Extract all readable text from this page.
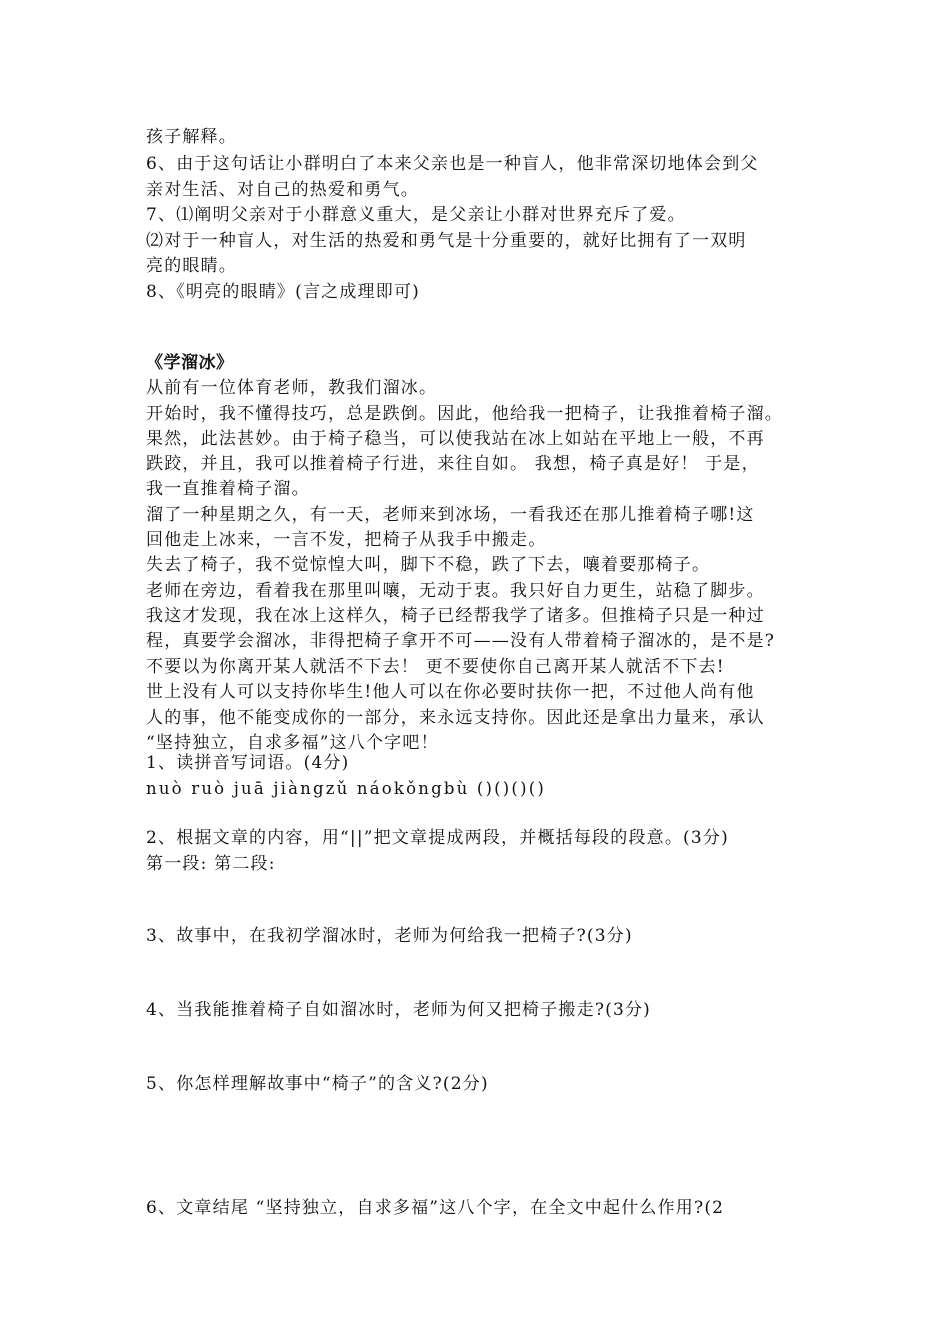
孩子解释。
6、由于这句话让小群明白了本来父亲也是一种盲人，他非常深切地体会到父
亲对生活、对自己的热爱和勇气。
7、⑴阐明父亲对于小群意义重大，是父亲让小群对世界充斥了爱。
⑵对于一种盲人，对生活的热爱和勇气是十分重要的，就好比拥有了一双明
亮的眼睛。
8、《明亮的眼睛》(言之成理即可)
《学溜冰》
从前有一位体育老师，教我们溜冰。
开始时，我不懂得技巧，总是跌倒。因此，他给我一把椅子，让我推着椅子溜。
果然，此法甚妙。由于椅子稳当，可以使我站在冰上如站在平地上一般，不再
跌跤，并且，我可以推着椅子行进，来往自如。 我想，椅子真是好！ 于是，
我一直推着椅子溜。
溜了一种星期之久，有一天，老师来到冰场，一看我还在那儿推着椅子哪!这
回他走上冰来，一言不发，把椅子从我手中搬走。
失去了椅子，我不觉惊惶大叫，脚下不稳，跌了下去，嚷着要那椅子。
老师在旁边，看着我在那里叫嚷，无动于衷。我只好自力更生，站稳了脚步。
我这才发现，我在冰上这样久，椅子已经帮我学了诸多。但推椅子只是一种过
程，真要学会溜冰，非得把椅子拿开不可——没有人带着椅子溜冰的，是不是?
不要以为你离开某人就活不下去！ 更不要使你自己离开某人就活不下去!
世上没有人可以支持你毕生!他人可以在你必要时扶你一把，不过他人尚有他
人的事，他不能变成你的一部分，来永远支持你。因此还是拿出力量来，承认
“坚持独立，自求多福”这八个字吧！
1、读拼音写词语。(4分)
nuò ruò juā jiàngzǔ náokǒngbù ()()()()
2、根据文章的内容，用“||”把文章提成两段，并概括每段的段意。(3分)
第一段: 第二段:
3、故事中，在我初学溜冰时，老师为何给我一把椅子?(3分)
4、当我能推着椅子自如溜冰时，老师为何又把椅子搬走?(3分)
5、你怎样理解故事中“椅子”的含义?(2分)
6、文章结尾 “坚持独立，自求多福”这八个字，在全文中起什么作用?(2
